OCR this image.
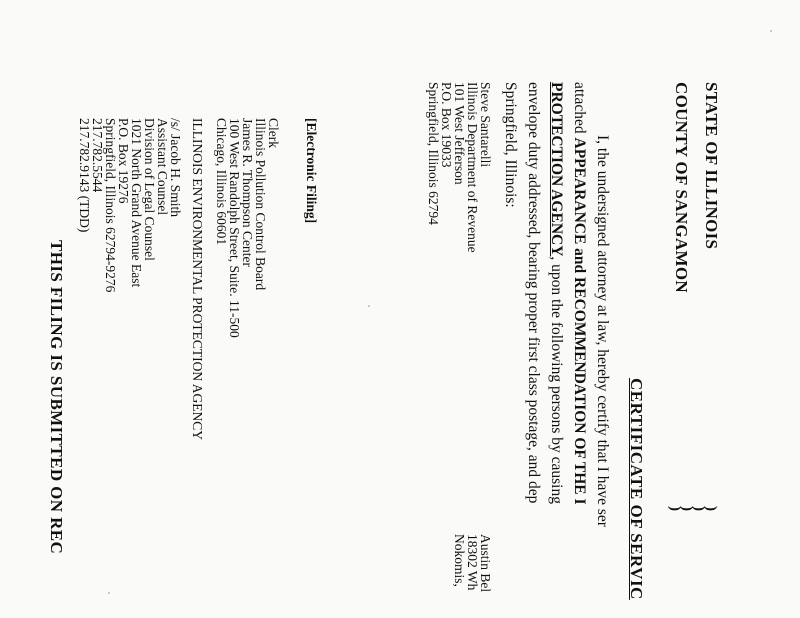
STATE OF ILLINOIS
COUNTY OF SANGAMON
)
)
)
)
CERTIFICATE OF SERVIC
I, the undersigned attorney at law, hereby certify that I have ser
attached APPEARANCE and RECOMMENDATION OF THE I
PROTECTION AGENCY, upon the following persons by causing
envelope duty addressed, bearing proper first class postage, and dep
Springfield, Illinois:
Steve Santarelli
Illinois Department of Revenue
101 West Jefferson
P.O. Box 19033
Springfield, Illinois 62794
Austin Bel
18302 Wh
Nokomis,
[Electronic Filing]
Clerk
Illinois Pollution Control Board
James R. Thompson Center
100 West Randolph Street, Suite. 11-500
Chicago, Illinois 60601
ILLINOIS ENVIRONMENTAL PROTECTION AGENCY
/s/ Jacob H. Smith
Assistant Counsel
Division of Legal Counsel
1021 North Grand Avenue East
P.O. Box 19276
Springfield, Illinois 62794-9276
217.782.5544
217.782.9143 (TDD)
THIS FILING IS SUBMITTED ON REC
